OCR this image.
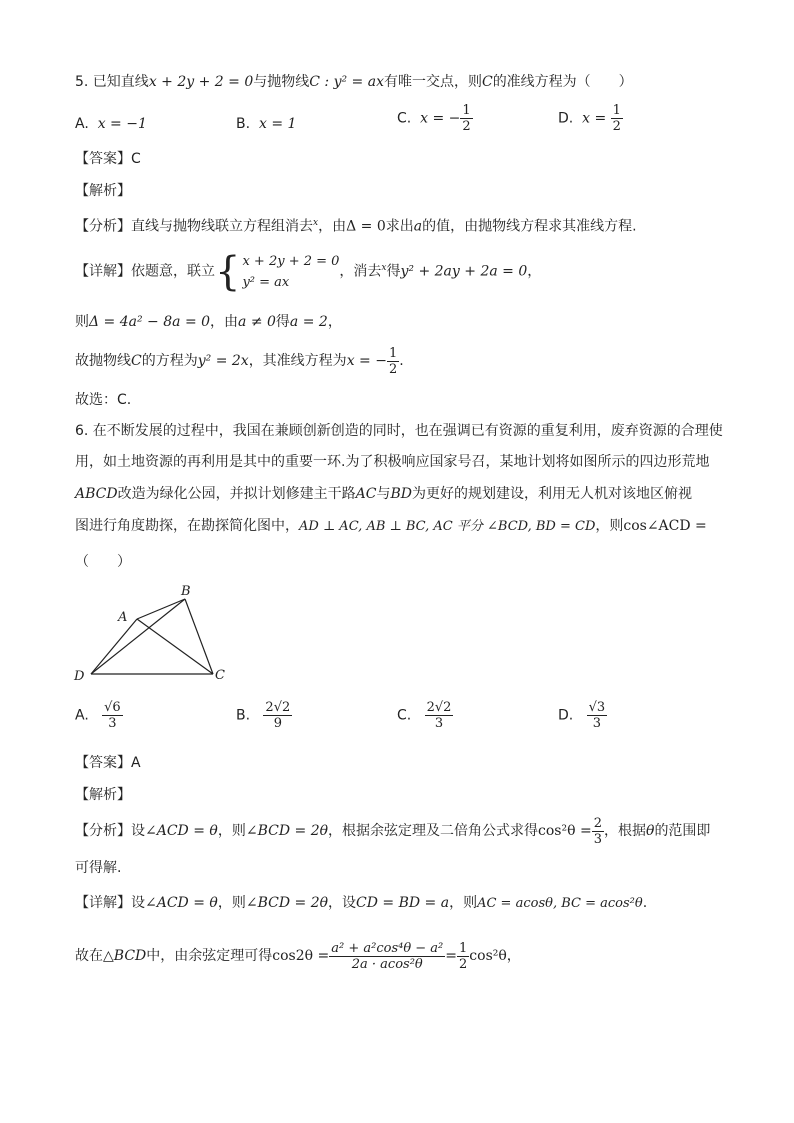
5. 已知直线x + 2y + 2 = 0与抛物线C : y² = ax有唯一交点，则C的准线方程为（　　）
A. x = −1	B. x = 1	C. x = − $\frac{1}{2}$	D. $x = \frac{1}{2}$
【答案】C
【解析】
【分析】直线与抛物线联立方程组消去$^x$，由Δ = 0求出a的值，由抛物线方程求其准线方程.
【详解】依题意，联立 { x + 2y + 2 = 0
y² = ax
，消去$^x$得y² + 2ay + 2a = 0，
则Δ = 4a² − 8a = 0，由a ≠ 0得a = 2，
故抛物线C的方程为y² = 2x，其准线方程为x = − $\frac{1}{2}$ .
故选：C.
6. 在不断发展的过程中，我国在兼顾创新创造的同时，也在强调已有资源的重复利用，废弃资源的合理使
用，如土地资源的再利用是其中的重要一环.为了积极响应国家号召，某地计划将如图所示的四边形荒地
ABCD改造为绿化公园，并拟计划修建主干路AC与BD为更好的规划建设，利用无人机对该地区俯视
图进行角度勘探，在勘探简化图中，AD ⊥ AC, AB ⊥ BC, AC 平分 ∠BCD, BD = CD，则cos∠ACD =
（　　）
A
B
C
D
A. $\frac{√6}{3}$	B. $\frac{2√2}{9}$	C. $\frac{2√2}{3}$	D. $\frac{√3}{3}$
【答案】A
【解析】
【分析】设∠ACD = θ，则∠BCD = 2θ，根据余弦定理及二倍角公式求得$\cos^2\theta = \frac{2}{3}$ ，根据θ的范围即
可得解.
【详解】设∠ACD = θ，则∠BCD = 2θ，设CD = BD = a，则AC = acosθ, BC = acos²θ.
故在△BCD中，由余弦定理可得$\cos 2\theta = \frac{\text{a² + a²cos⁴θ − a²}}{\text{2a · acos²θ}} = \frac{1}{2} \cos^2\theta$，
